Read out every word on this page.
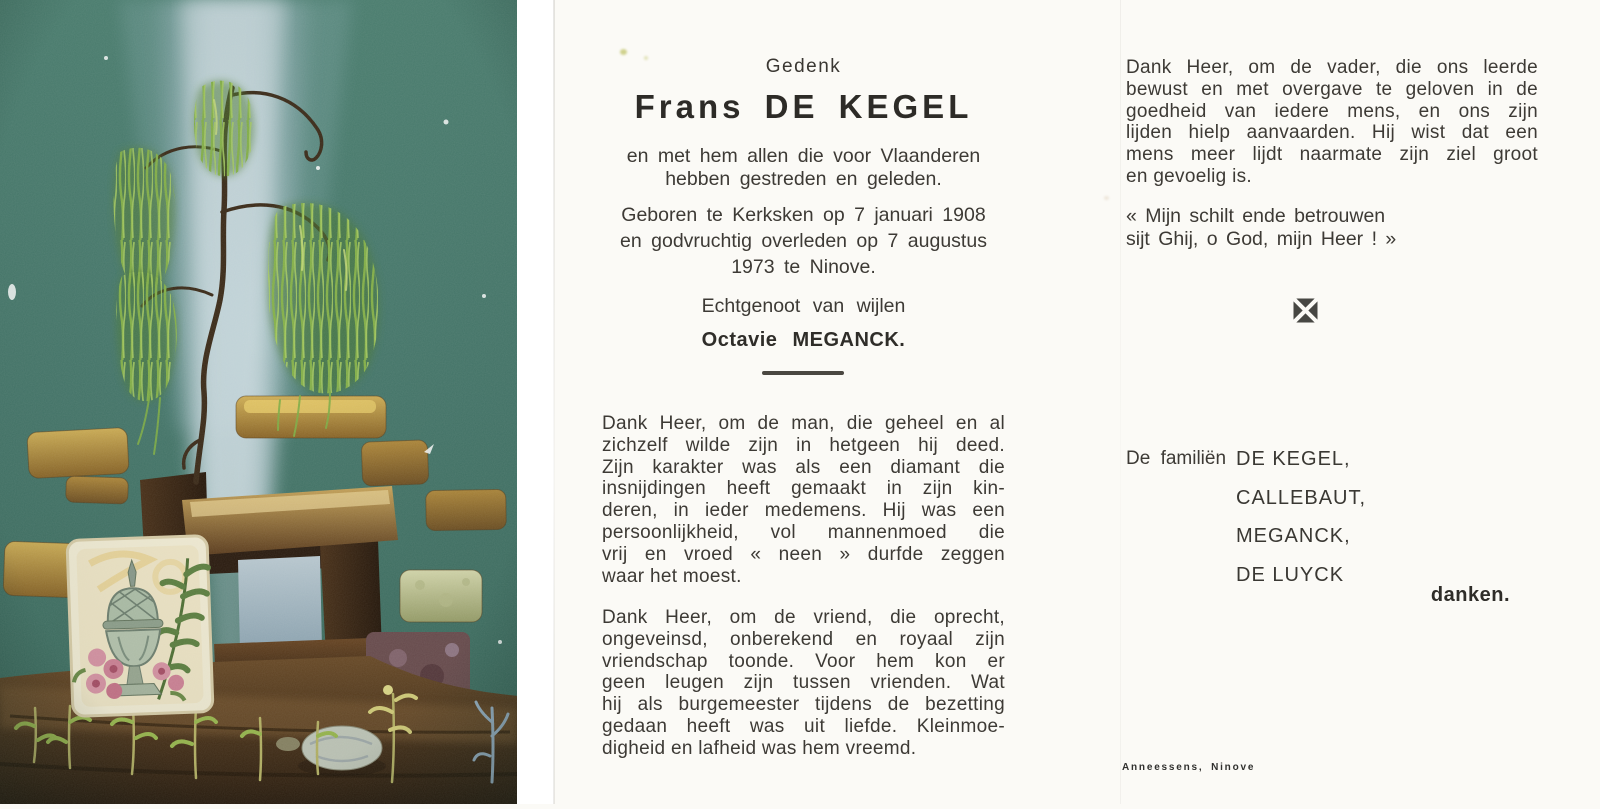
Gedenk
Frans DE KEGEL
en met hem allen die voor Vlaanderen
hebben gestreden en geleden.
Geboren te Kerksken op 7 januari 1908
en godvruchtig overleden op 7 augustus
1973 te Ninove.
Echtgenoot van wijlen
Octavie MEGANCK.
Dank Heer, om de man, die geheel en al
zichzelf wilde zijn in hetgeen hij deed.
Zijn karakter was als een diamant die
insnijdingen heeft gemaakt in zijn kin-
deren, in ieder medemens. Hij was een
persoonlijkheid, vol mannenmoed die
vrij en vroed « neen » durfde zeggen
waar het moest.
Dank Heer, om de vriend, die oprecht,
ongeveinsd, onberekend en royaal zijn
vriendschap toonde. Voor hem kon er
geen leugen zijn tussen vrienden. Wat
hij als burgemeester tijdens de bezetting
gedaan heeft was uit liefde. Kleinmoe-
digheid en lafheid was hem vreemd.
Dank Heer, om de vader, die ons leerde
bewust en met overgave te geloven in de
goedheid van iedere mens, en ons zijn
lijden hielp aanvaarden. Hij wist dat een
mens meer lijdt naarmate zijn ziel groot
en gevoelig is.
« Mijn schilt ende betrouwen
sijt Ghij, o God, mijn Heer ! »
De familiën DE KEGEL,
CALLEBAUT,
MEGANCK,
DE LUYCK
danken.
Anneessens, Ninove
